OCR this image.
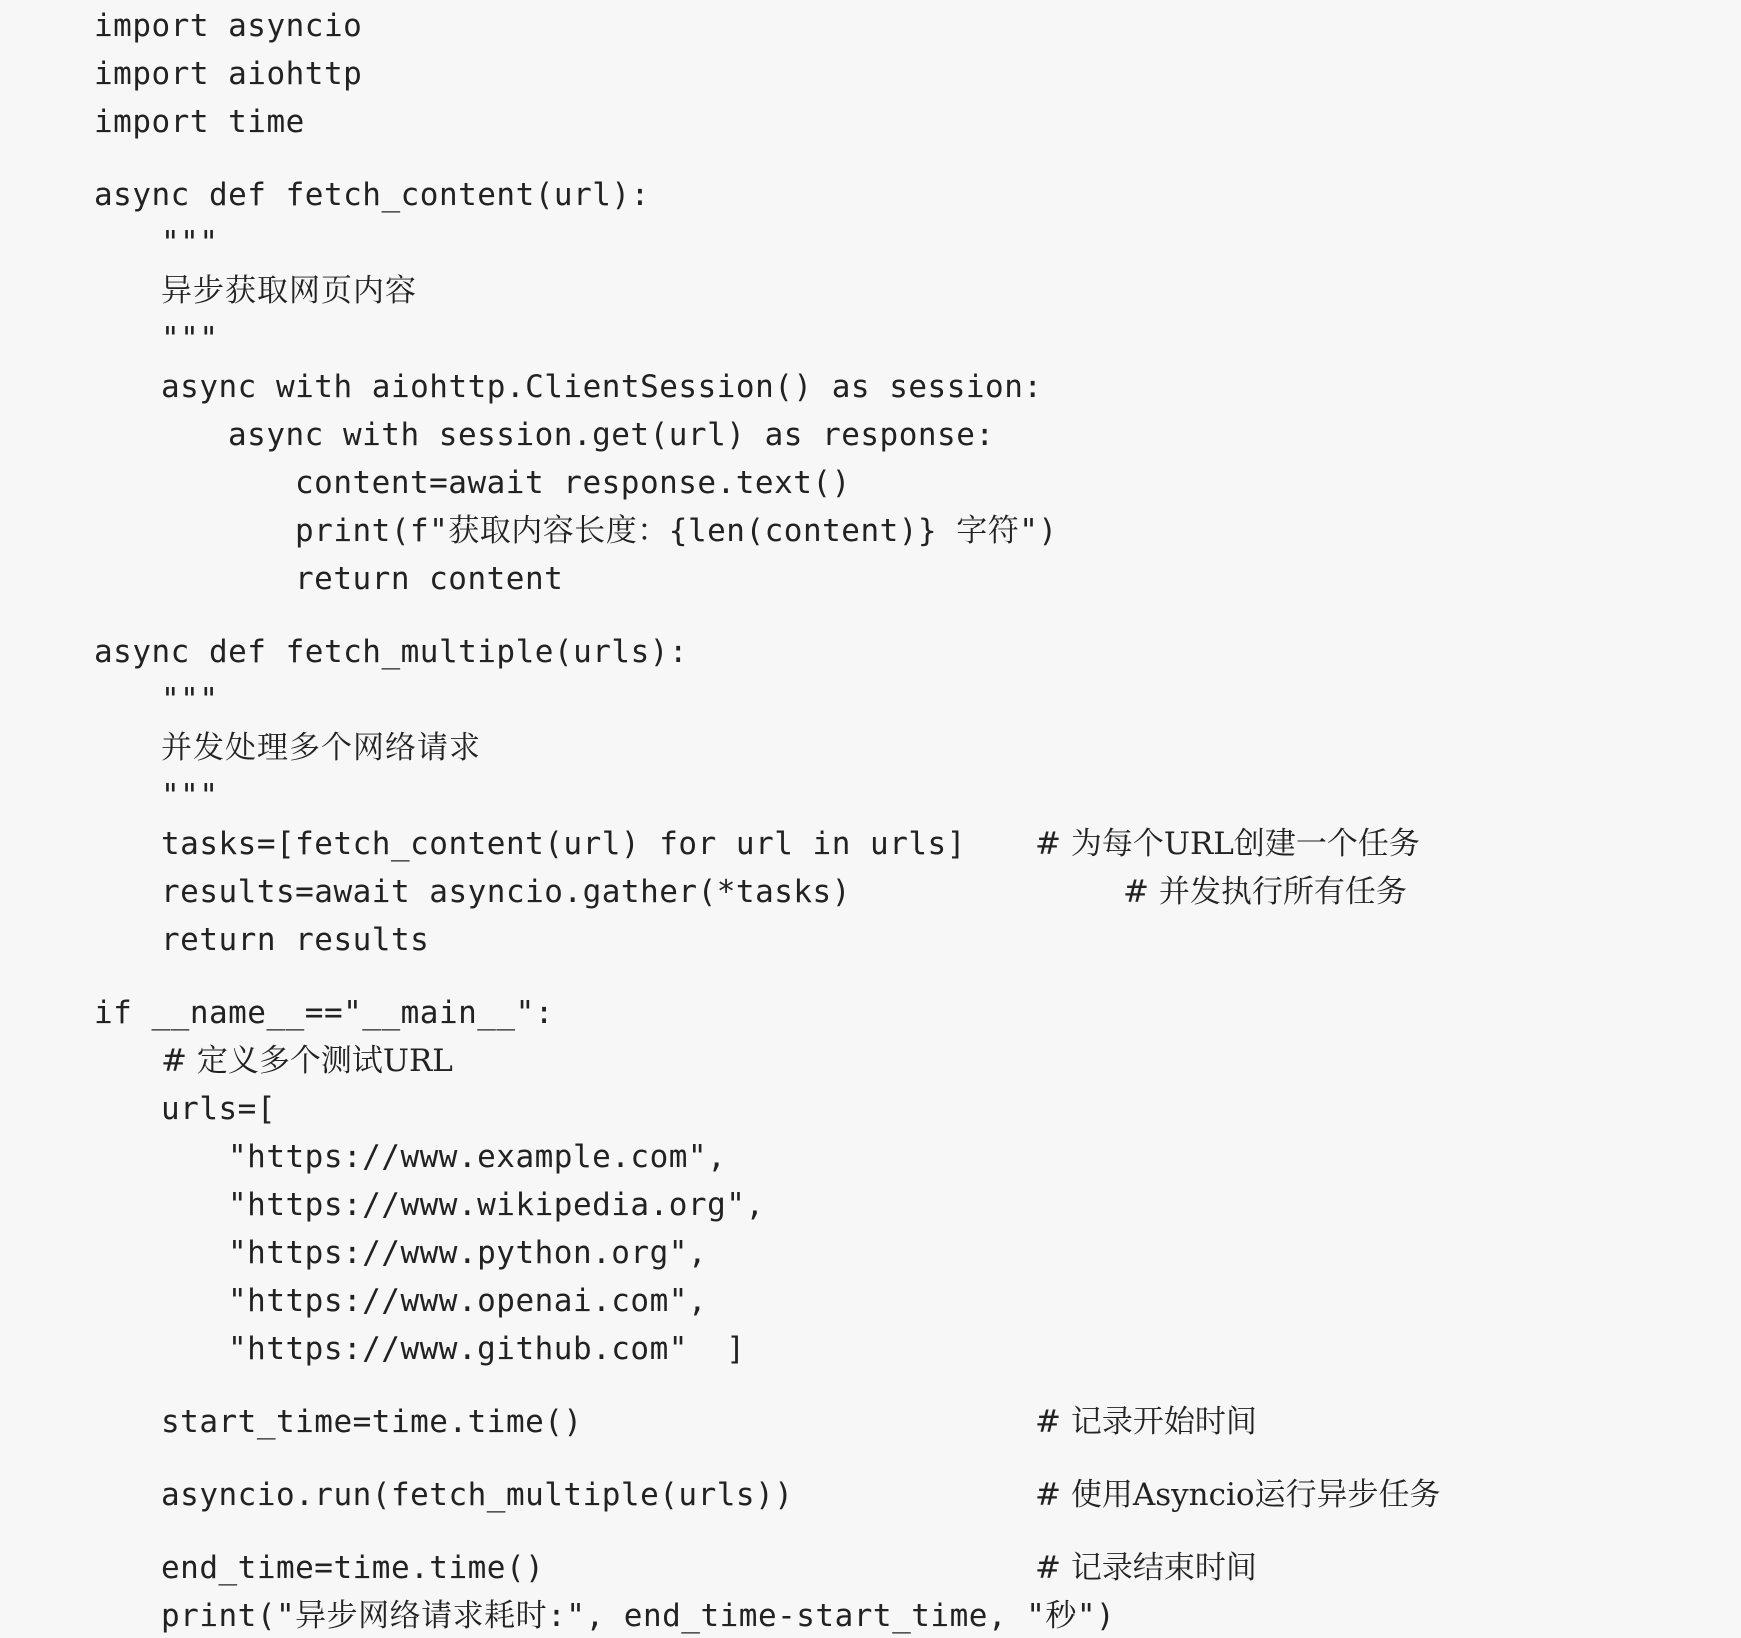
import asyncio
import aiohttp
import time
async def fetch_content(url):
"""
异步获取网页内容
"""
async with aiohttp.ClientSession() as session:
async with session.get(url) as response:
content=await response.text()
print(f"获取内容长度：{len(content)} 字符")
return content
async def fetch_multiple(urls):
"""
并发处理多个网络请求
"""
tasks=[fetch_content(url) for url in urls] # 为每个URL创建一个任务
results=await asyncio.gather(*tasks)	# 并发执行所有任务
return results
if __name__=="__main__":
# 定义多个测试URL
urls=[
"https://www.example.com",
"https://www.wikipedia.org",
"https://www.python.org",
"https://www.openai.com",
"https://www.github.com"  ]
start_time=time.time()	# 记录开始时间
asyncio.run(fetch_multiple(urls))	# 使用Asyncio运行异步任务
end_time=time.time()	# 记录结束时间
print("异步网络请求耗时:", end_time-start_time, "秒")
